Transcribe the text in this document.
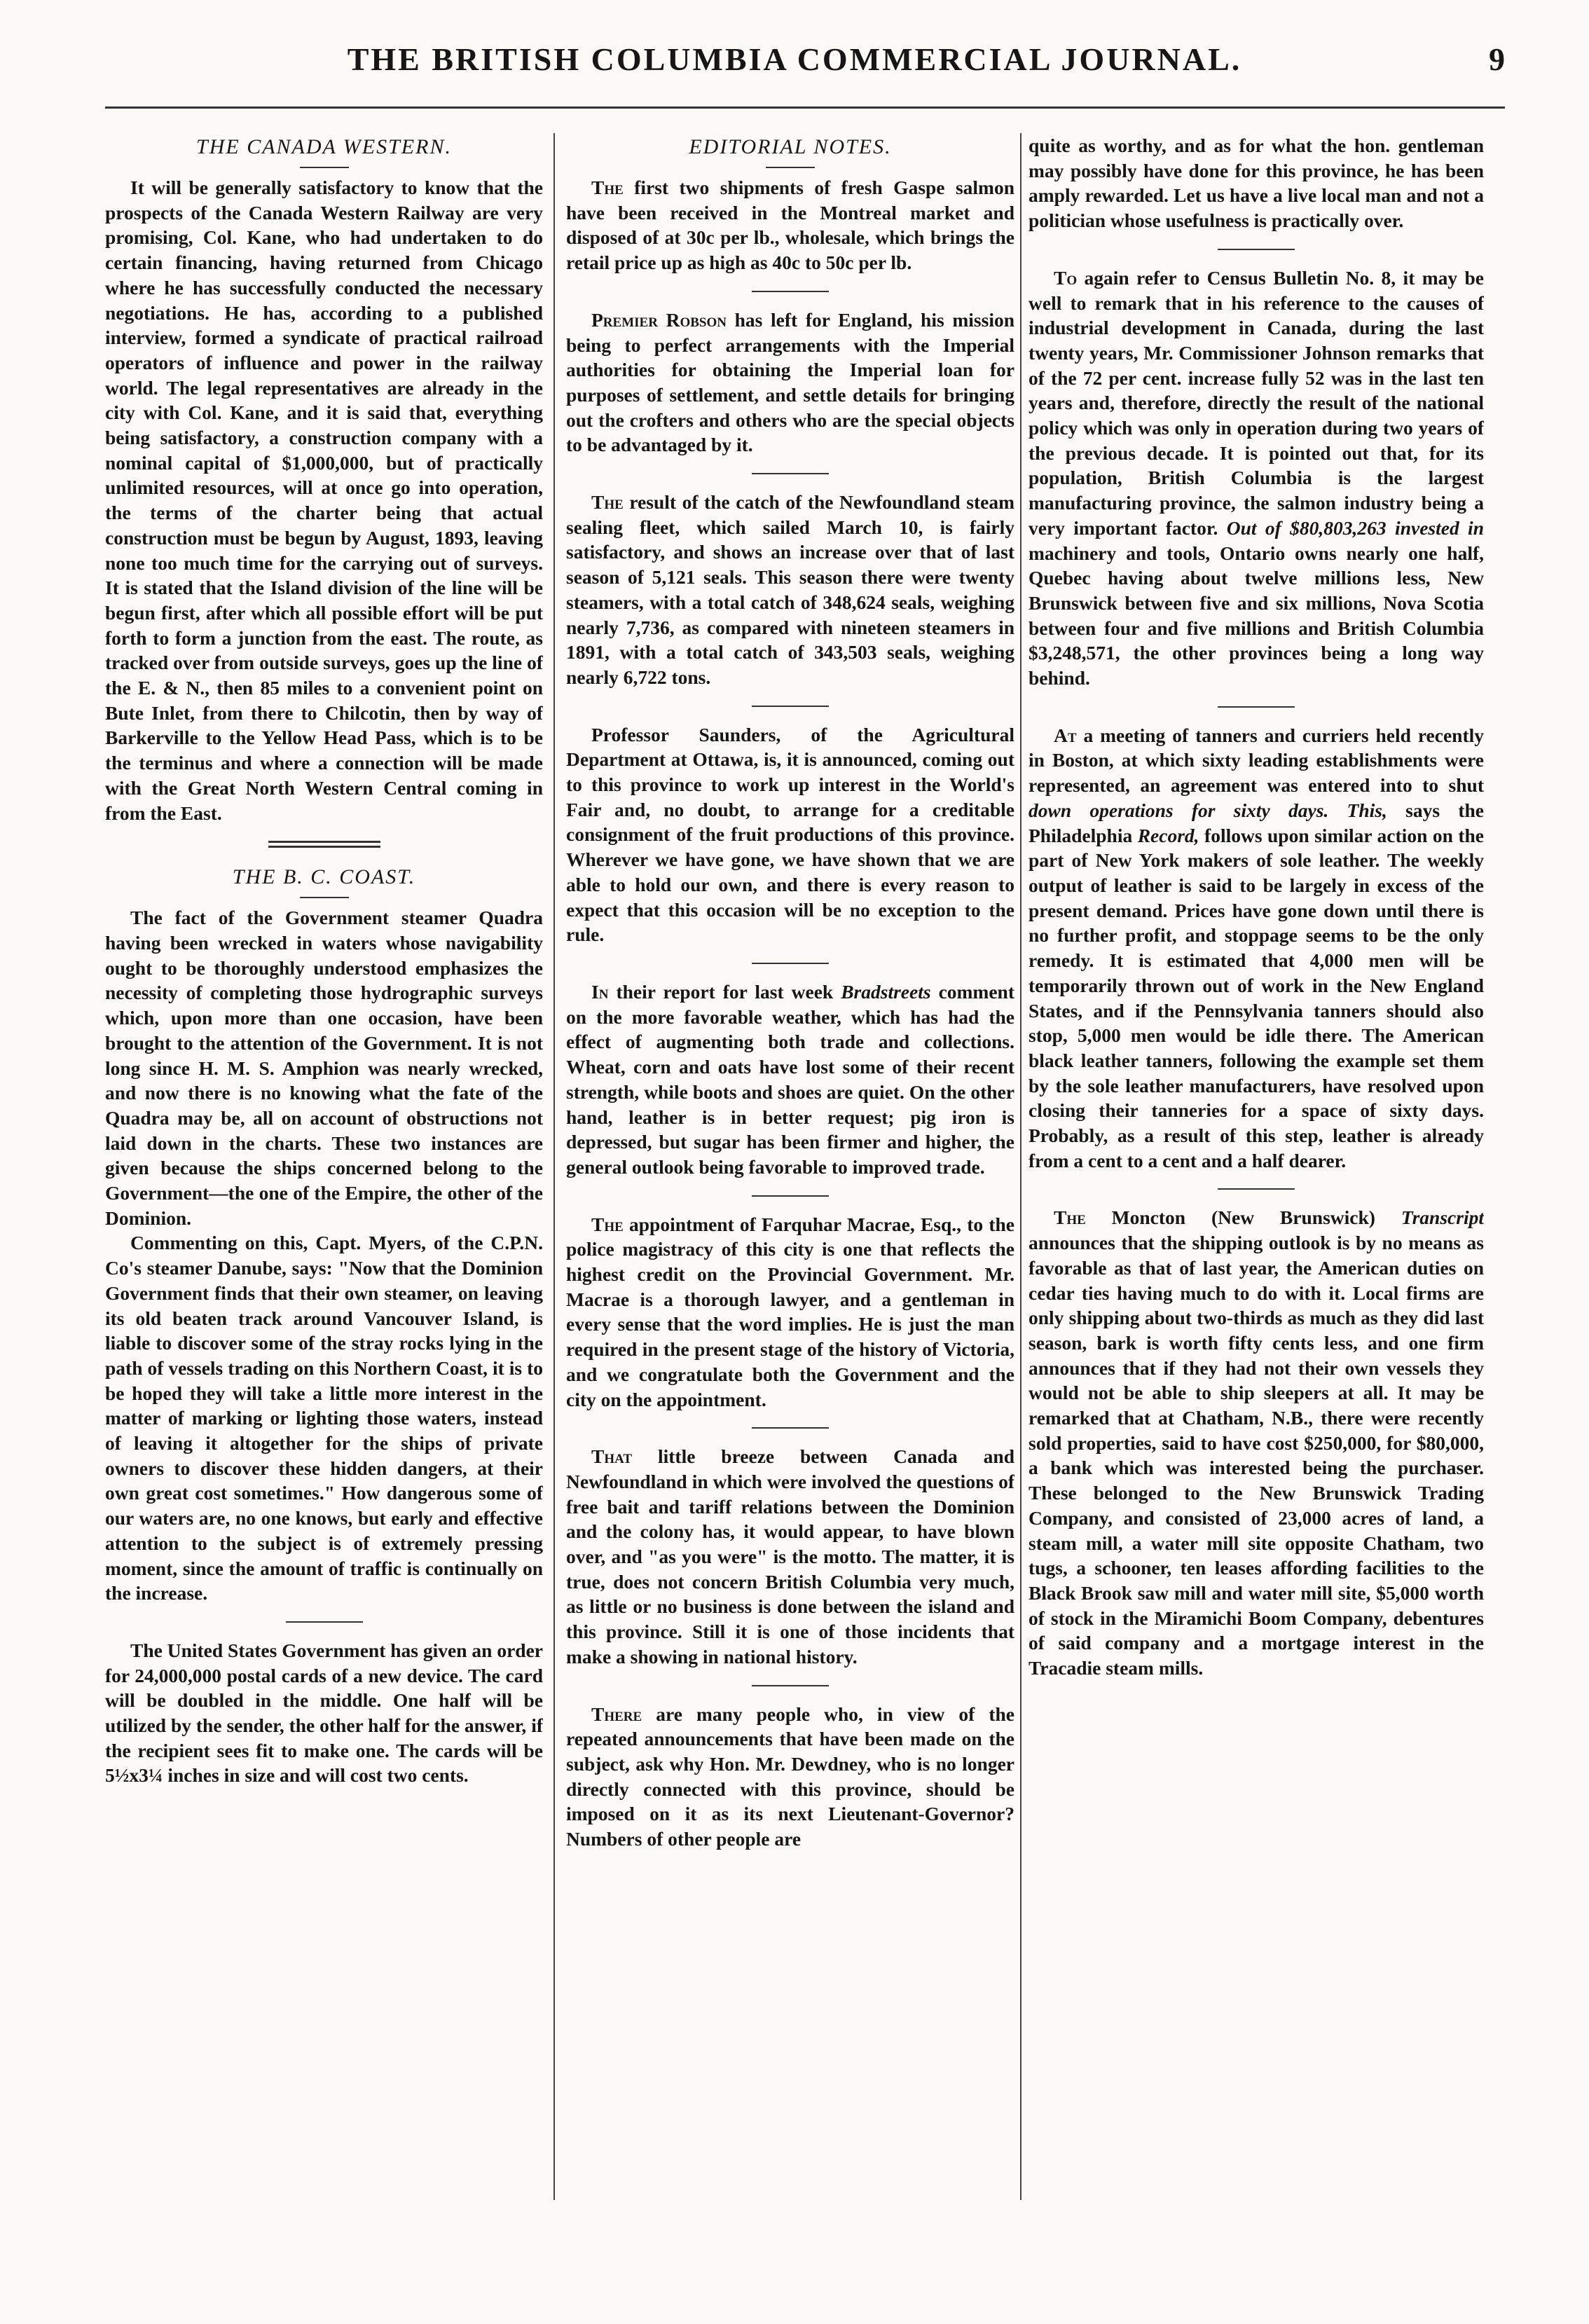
THE BRITISH COLUMBIA COMMERCIAL JOURNAL.	9
THE CANADA WESTERN.

It will be generally satisfactory to know that the prospects of the Canada Western Railway are very promising, Col. Kane, who had undertaken to do certain financing, having returned from Chicago where he has successfully conducted the necessary negotiations. He has, according to a published interview, formed a syndicate of practical railroad operators of influence and power in the railway world. The legal representatives are already in the city with Col. Kane, and it is said that, everything being satisfactory, a construction company with a nominal capital of $1,000,000, but of practically unlimited resources, will at once go into operation, the terms of the charter being that actual construction must be begun by August, 1893, leaving none too much time for the carrying out of surveys. It is stated that the Island division of the line will be begun first, after which all possible effort will be put forth to form a junction from the east. The route, as tracked over from outside surveys, goes up the line of the E. & N., then 85 miles to a convenient point on Bute Inlet, from there to Chilcotin, then by way of Barkerville to the Yellow Head Pass, which is to be the terminus and where a connection will be made with the Great North Western Central coming in from the East.

THE B. C. COAST.

The fact of the Government steamer Quadra having been wrecked in waters whose navigability ought to be thoroughly understood emphasizes the necessity of completing those hydrographic surveys which, upon more than one occasion, have been brought to the attention of the Government. It is not long since H. M. S. Amphion was nearly wrecked, and now there is no knowing what the fate of the Quadra may be, all on account of obstructions not laid down in the charts. These two instances are given because the ships concerned belong to the Government—the one of the Empire, the other of the Dominion.

Commenting on this, Capt. Myers, of the C.P.N. Co's steamer Danube, says: "Now that the Dominion Government finds that their own steamer, on leaving its old beaten track around Vancouver Island, is liable to discover some of the stray rocks lying in the path of vessels trading on this Northern Coast, it is to be hoped they will take a little more interest in the matter of marking or lighting those waters, instead of leaving it altogether for the ships of private owners to discover these hidden dangers, at their own great cost sometimes." How dangerous some of our waters are, no one knows, but early and effective attention to the subject is of extremely pressing moment, since the amount of traffic is continually on the increase.

The United States Government has given an order for 24,000,000 postal cards of a new device. The card will be doubled in the middle. One half will be utilized by the sender, the other half for the answer, if the recipient sees fit to make one. The cards will be 5½x3¼ inches in size and will cost two cents.

EDITORIAL NOTES.

The first two shipments of fresh Gaspe salmon have been received in the Montreal market and disposed of at 30c per lb., wholesale, which brings the retail price up as high as 40c to 50c per lb.

Premier Robson has left for England, his mission being to perfect arrangements with the Imperial authorities for obtaining the Imperial loan for purposes of settlement, and settle details for bringing out the crofters and others who are the special objects to be advantaged by it.

The result of the catch of the Newfoundland steam sealing fleet, which sailed March 10, is fairly satisfactory, and shows an increase over that of last season of 5,121 seals. This season there were twenty steamers, with a total catch of 348,624 seals, weighing nearly 7,736, as compared with nineteen steamers in 1891, with a total catch of 343,503 seals, weighing nearly 6,722 tons.

Professor Saunders, of the Agricultural Department at Ottawa, is, it is announced, coming out to this province to work up interest in the World's Fair and, no doubt, to arrange for a creditable consignment of the fruit productions of this province. Wherever we have gone, we have shown that we are able to hold our own, and there is every reason to expect that this occasion will be no exception to the rule.

In their report for last week Bradstreets comment on the more favorable weather, which has had the effect of augmenting both trade and collections. Wheat, corn and oats have lost some of their recent strength, while boots and shoes are quiet. On the other hand, leather is in better request; pig iron is depressed, but sugar has been firmer and higher, the general outlook being favorable to improved trade.

The appointment of Farquhar Macrae, Esq., to the police magistracy of this city is one that reflects the highest credit on the Provincial Government. Mr. Macrae is a thorough lawyer, and a gentleman in every sense that the word implies. He is just the man required in the present stage of the history of Victoria, and we congratulate both the Government and the city on the appointment.

That little breeze between Canada and Newfoundland in which were involved the questions of free bait and tariff relations between the Dominion and the colony has, it would appear, to have blown over, and "as you were" is the motto. The matter, it is true, does not concern British Columbia very much, as little or no business is done between the island and this province. Still it is one of those incidents that make a showing in national history.

There are many people who, in view of the repeated announcements that have been made on the subject, ask why Hon. Mr. Dewdney, who is no longer directly connected with this province, should be imposed on it as its next Lieutenant-Governor? Numbers of other people are

quite as worthy, and as for what the hon. gentleman may possibly have done for this province, he has been amply rewarded. Let us have a live local man and not a politician whose usefulness is practically over.

To again refer to Census Bulletin No. 8, it may be well to remark that in his reference to the causes of industrial development in Canada, during the last twenty years, Mr. Commissioner Johnson remarks that of the 72 per cent. increase fully 52 was in the last ten years and, therefore, directly the result of the national policy which was only in operation during two years of the previous decade. It is pointed out that, for its population, British Columbia is the largest manufacturing province, the salmon industry being a very important factor. Out of $80,803,263 invested in machinery and tools, Ontario owns nearly one half, Quebec having about twelve millions less, New Brunswick between five and six millions, Nova Scotia between four and five millions and British Columbia $3,248,571, the other provinces being a long way behind.

At a meeting of tanners and curriers held recently in Boston, at which sixty leading establishments were represented, an agreement was entered into to shut down operations for sixty days. This, says the Philadelphia Record, follows upon similar action on the part of New York makers of sole leather. The weekly output of leather is said to be largely in excess of the present demand. Prices have gone down until there is no further profit, and stoppage seems to be the only remedy. It is estimated that 4,000 men will be temporarily thrown out of work in the New England States, and if the Pennsylvania tanners should also stop, 5,000 men would be idle there. The American black leather tanners, following the example set them by the sole leather manufacturers, have resolved upon closing their tanneries for a space of sixty days. Probably, as a result of this step, leather is already from a cent to a cent and a half dearer.

The Moncton (New Brunswick) Transcript announces that the shipping outlook is by no means as favorable as that of last year, the American duties on cedar ties having much to do with it. Local firms are only shipping about two-thirds as much as they did last season, bark is worth fifty cents less, and one firm announces that if they had not their own vessels they would not be able to ship sleepers at all. It may be remarked that at Chatham, N.B., there were recently sold properties, said to have cost $250,000, for $80,000, a bank which was interested being the purchaser. These belonged to the New Brunswick Trading Company, and consisted of 23,000 acres of land, a steam mill, a water mill site opposite Chatham, two tugs, a schooner, ten leases affording facilities to the Black Brook saw mill and water mill site, $5,000 worth of stock in the Miramichi Boom Company, debentures of said company and a mortgage interest in the Tracadie steam mills.
